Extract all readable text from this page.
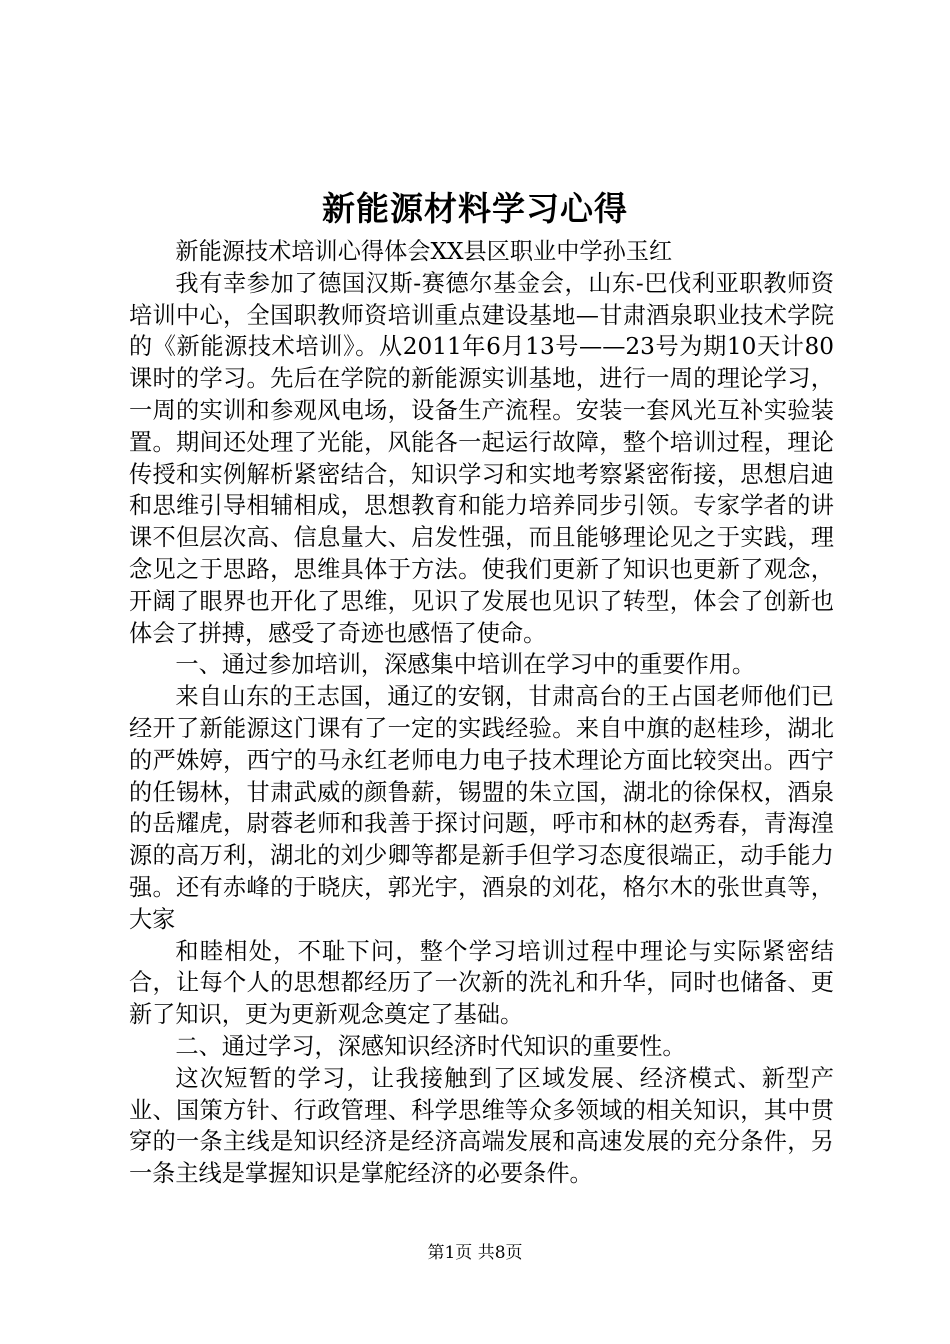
新能源材料学习心得

新能源技术培训心得体会XX县区职业中学孙玉红

我有幸参加了德国汉斯-赛德尔基金会，山东-巴伐利亚职教师资培训中心，全国职教师资培训重点建设基地—甘肃酒泉职业技术学院的《新能源技术培训》。从2011年6月13号——23号为期10天计80课时的学习。先后在学院的新能源实训基地，进行一周的理论学习，一周的实训和参观风电场，设备生产流程。安装一套风光互补实验装置。期间还处理了光能，风能各一起运行故障，整个培训过程，理论传授和实例解析紧密结合，知识学习和实地考察紧密衔接，思想启迪和思维引导相辅相成，思想教育和能力培养同步引领。专家学者的讲课不但层次高、信息量大、启发性强，而且能够理论见之于实践，理念见之于思路，思维具体于方法。使我们更新了知识也更新了观念，开阔了眼界也开化了思维，见识了发展也见识了转型，体会了创新也体会了拼搏，感受了奇迹也感悟了使命。

一、通过参加培训，深感集中培训在学习中的重要作用。

来自山东的王志国，通辽的安钢，甘肃高台的王占国老师他们已经开了新能源这门课有了一定的实践经验。来自中旗的赵桂珍，湖北的严姝婷，西宁的马永红老师电力电子技术理论方面比较突出。西宁的任锡林，甘肃武威的颜鲁薪，锡盟的朱立国，湖北的徐保权，酒泉的岳耀虎，尉蓉老师和我善于探讨问题，呼市和林的赵秀春，青海湟源的高万利，湖北的刘少卿等都是新手但学习态度很端正，动手能力强。还有赤峰的于晓庆，郭光宇，酒泉的刘花，格尔木的张世真等，大家

和睦相处，不耻下问，整个学习培训过程中理论与实际紧密结合，让每个人的思想都经历了一次新的洗礼和升华，同时也储备、更新了知识，更为更新观念奠定了基础。

二、通过学习，深感知识经济时代知识的重要性。

这次短暂的学习，让我接触到了区域发展、经济模式、新型产业、国策方针、行政管理、科学思维等众多领域的相关知识，其中贯穿的一条主线是知识经济是经济高端发展和高速发展的充分条件，另一条主线是掌握知识是掌舵经济的必要条件。

第1页 共8页
